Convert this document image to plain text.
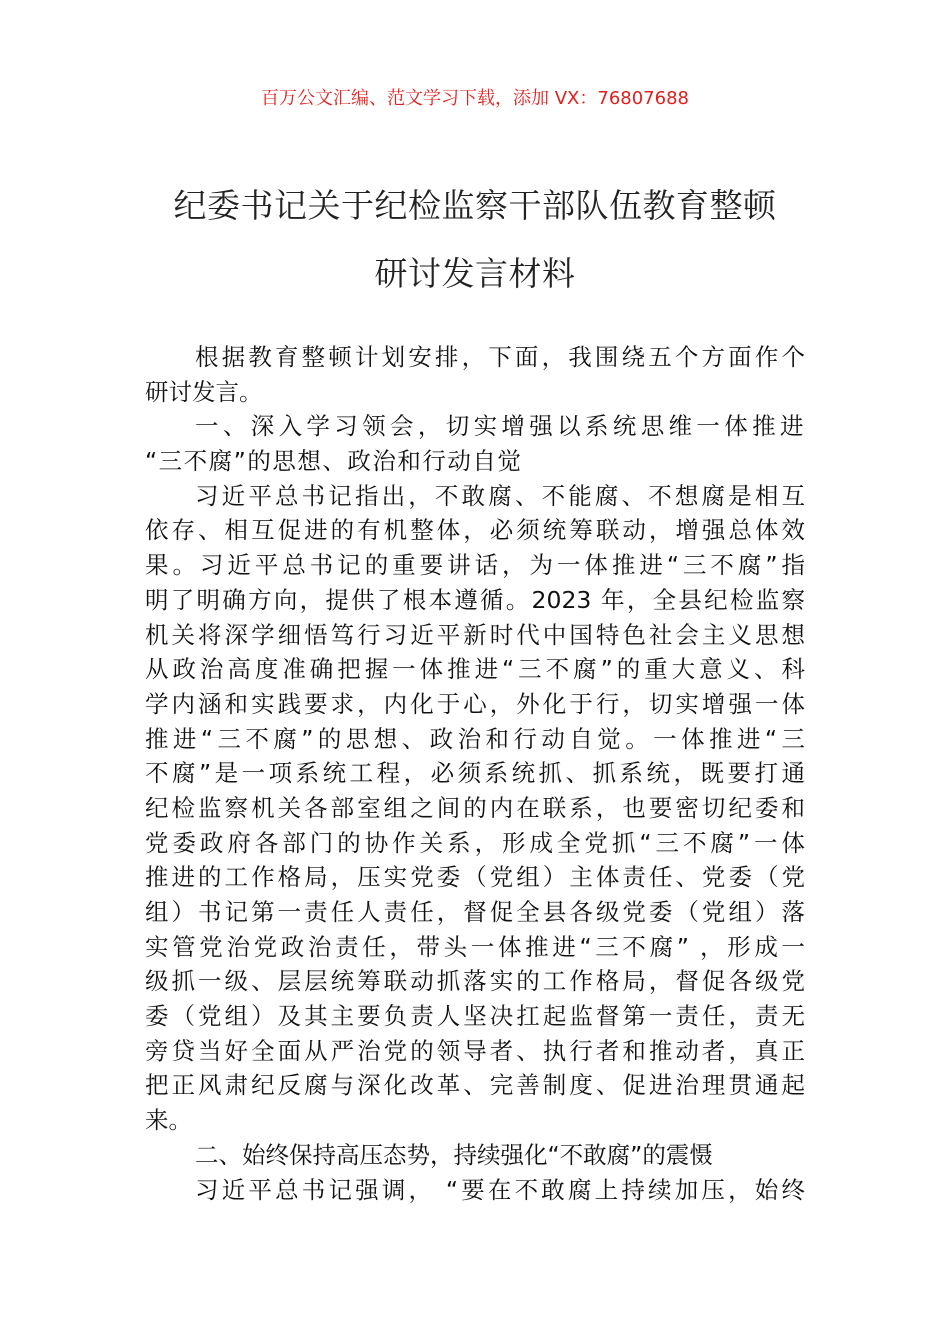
百万公文汇编、范文学习下载，添加 VX：76807688
纪委书记关于纪检监察干部队伍教育整顿
研讨发言材料
根据教育整顿计划安排，下面，我围绕五个方面作个
研讨发言。
一、深入学习领会，切实增强以系统思维一体推进
“三不腐”的思想、政治和行动自觉
习近平总书记指出，不敢腐、不能腐、不想腐是相互
依存、相互促进的有机整体，必须统筹联动，增强总体效
果。习近平总书记的重要讲话，为一体推进“三不腐”指
明了明确方向，提供了根本遵循。2023 年，全县纪检监察
机关将深学细悟笃行习近平新时代中国特色社会主义思想
从政治高度准确把握一体推进“三不腐”的重大意义、科
学内涵和实践要求，内化于心，外化于行，切实增强一体
推进“三不腐”的思想、政治和行动自觉。一体推进“三
不腐”是一项系统工程，必须系统抓、抓系统，既要打通
纪检监察机关各部室组之间的内在联系，也要密切纪委和
党委政府各部门的协作关系，形成全党抓“三不腐”一体
推进的工作格局，压实党委（党组）主体责任、党委（党
组）书记第一责任人责任，督促全县各级党委（党组）落
实管党治党政治责任，带头一体推进“三不腐” ，形成一
级抓一级、层层统筹联动抓落实的工作格局，督促各级党
委（党组）及其主要负责人坚决扛起监督第一责任，责无
旁贷当好全面从严治党的领导者、执行者和推动者，真正
把正风肃纪反腐与深化改革、完善制度、促进治理贯通起
来。
二、始终保持高压态势，持续强化“不敢腐”的震慑
习近平总书记强调， “要在不敢腐上持续加压，始终
